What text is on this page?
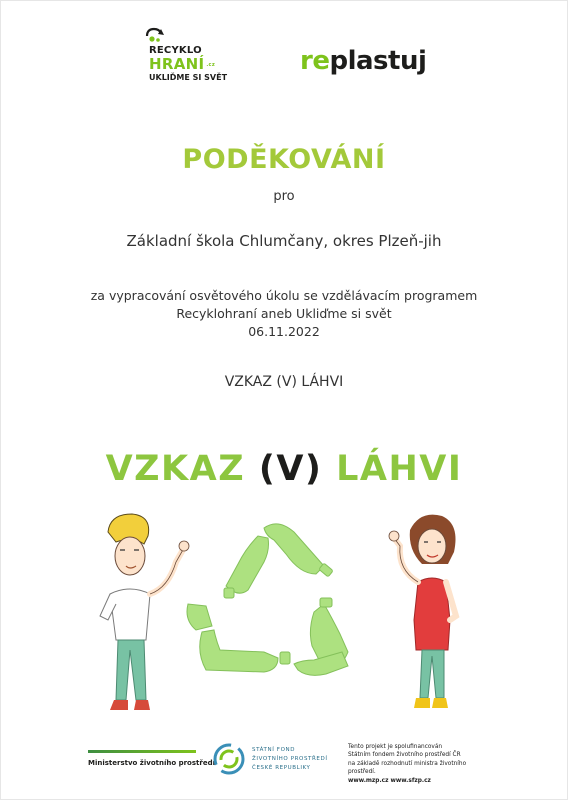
RECYKLO
HRANÍ .cz
UKLIĎME SI SVĚT
replastuj
PODĚKOVÁNÍ
pro
Základní škola Chlumčany, okres Plzeň-jih
za vypracování osvětového úkolu se vzdělávacím programem
Recyklohraní aneb Ukliďme si svět
06.11.2022
VZKAZ (V) LÁHVI
VZKAZ (V) LÁHVI
Ministerstvo životního prostředí
STÁTNÍ FOND
ŽIVOTNÍHO PROSTŘEDÍ
ČESKÉ REPUBLIKY
Tento projekt je spolufinancován
Státním fondem životního prostředí ČR
na základě rozhodnutí ministra životního prostředí.
www.mzp.cz www.sfzp.cz
